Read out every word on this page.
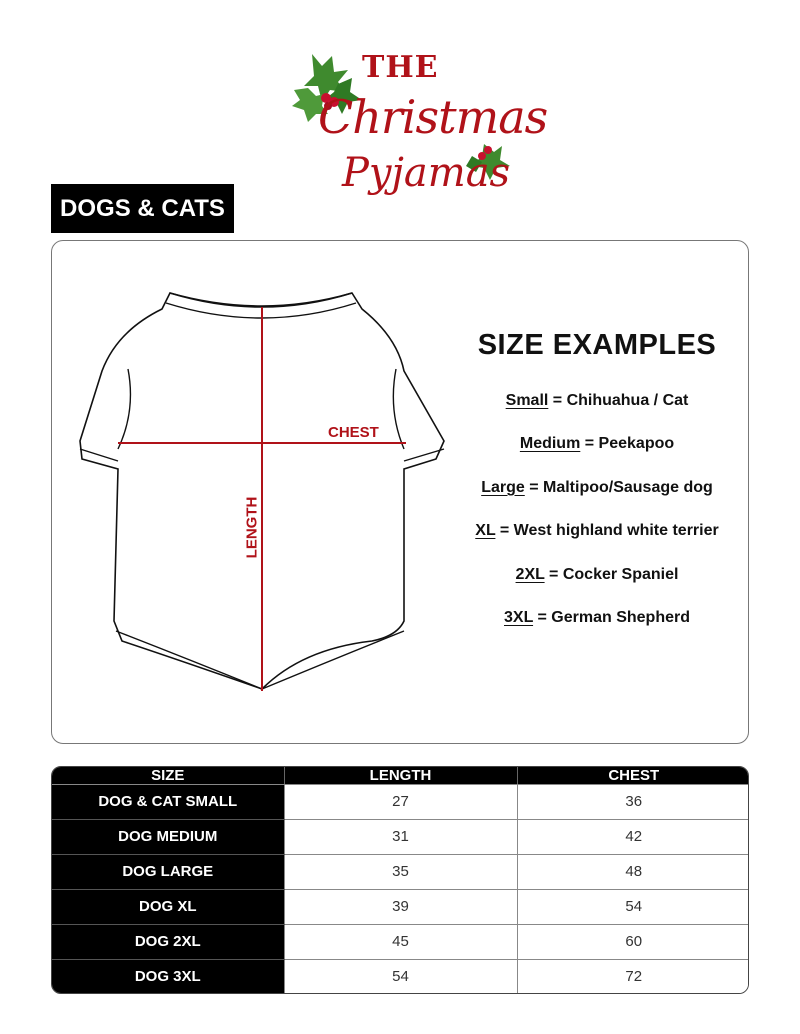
THE
Christmas
Pyjamas
DOGS & CATS
CHEST
LENGTH
SIZE EXAMPLES
Small = Chihuahua / Cat
Medium = Peekapoo
Large = Maltipoo/Sausage dog
XL = West highland white terrier
2XL = Cocker Spaniel
3XL = German Shepherd
SIZE	LENGTH	CHEST
DOG & CAT SMALL	27	36
DOG MEDIUM	31	42
DOG LARGE	35	48
DOG XL	39	54
DOG 2XL	45	60
DOG 3XL	54	72
